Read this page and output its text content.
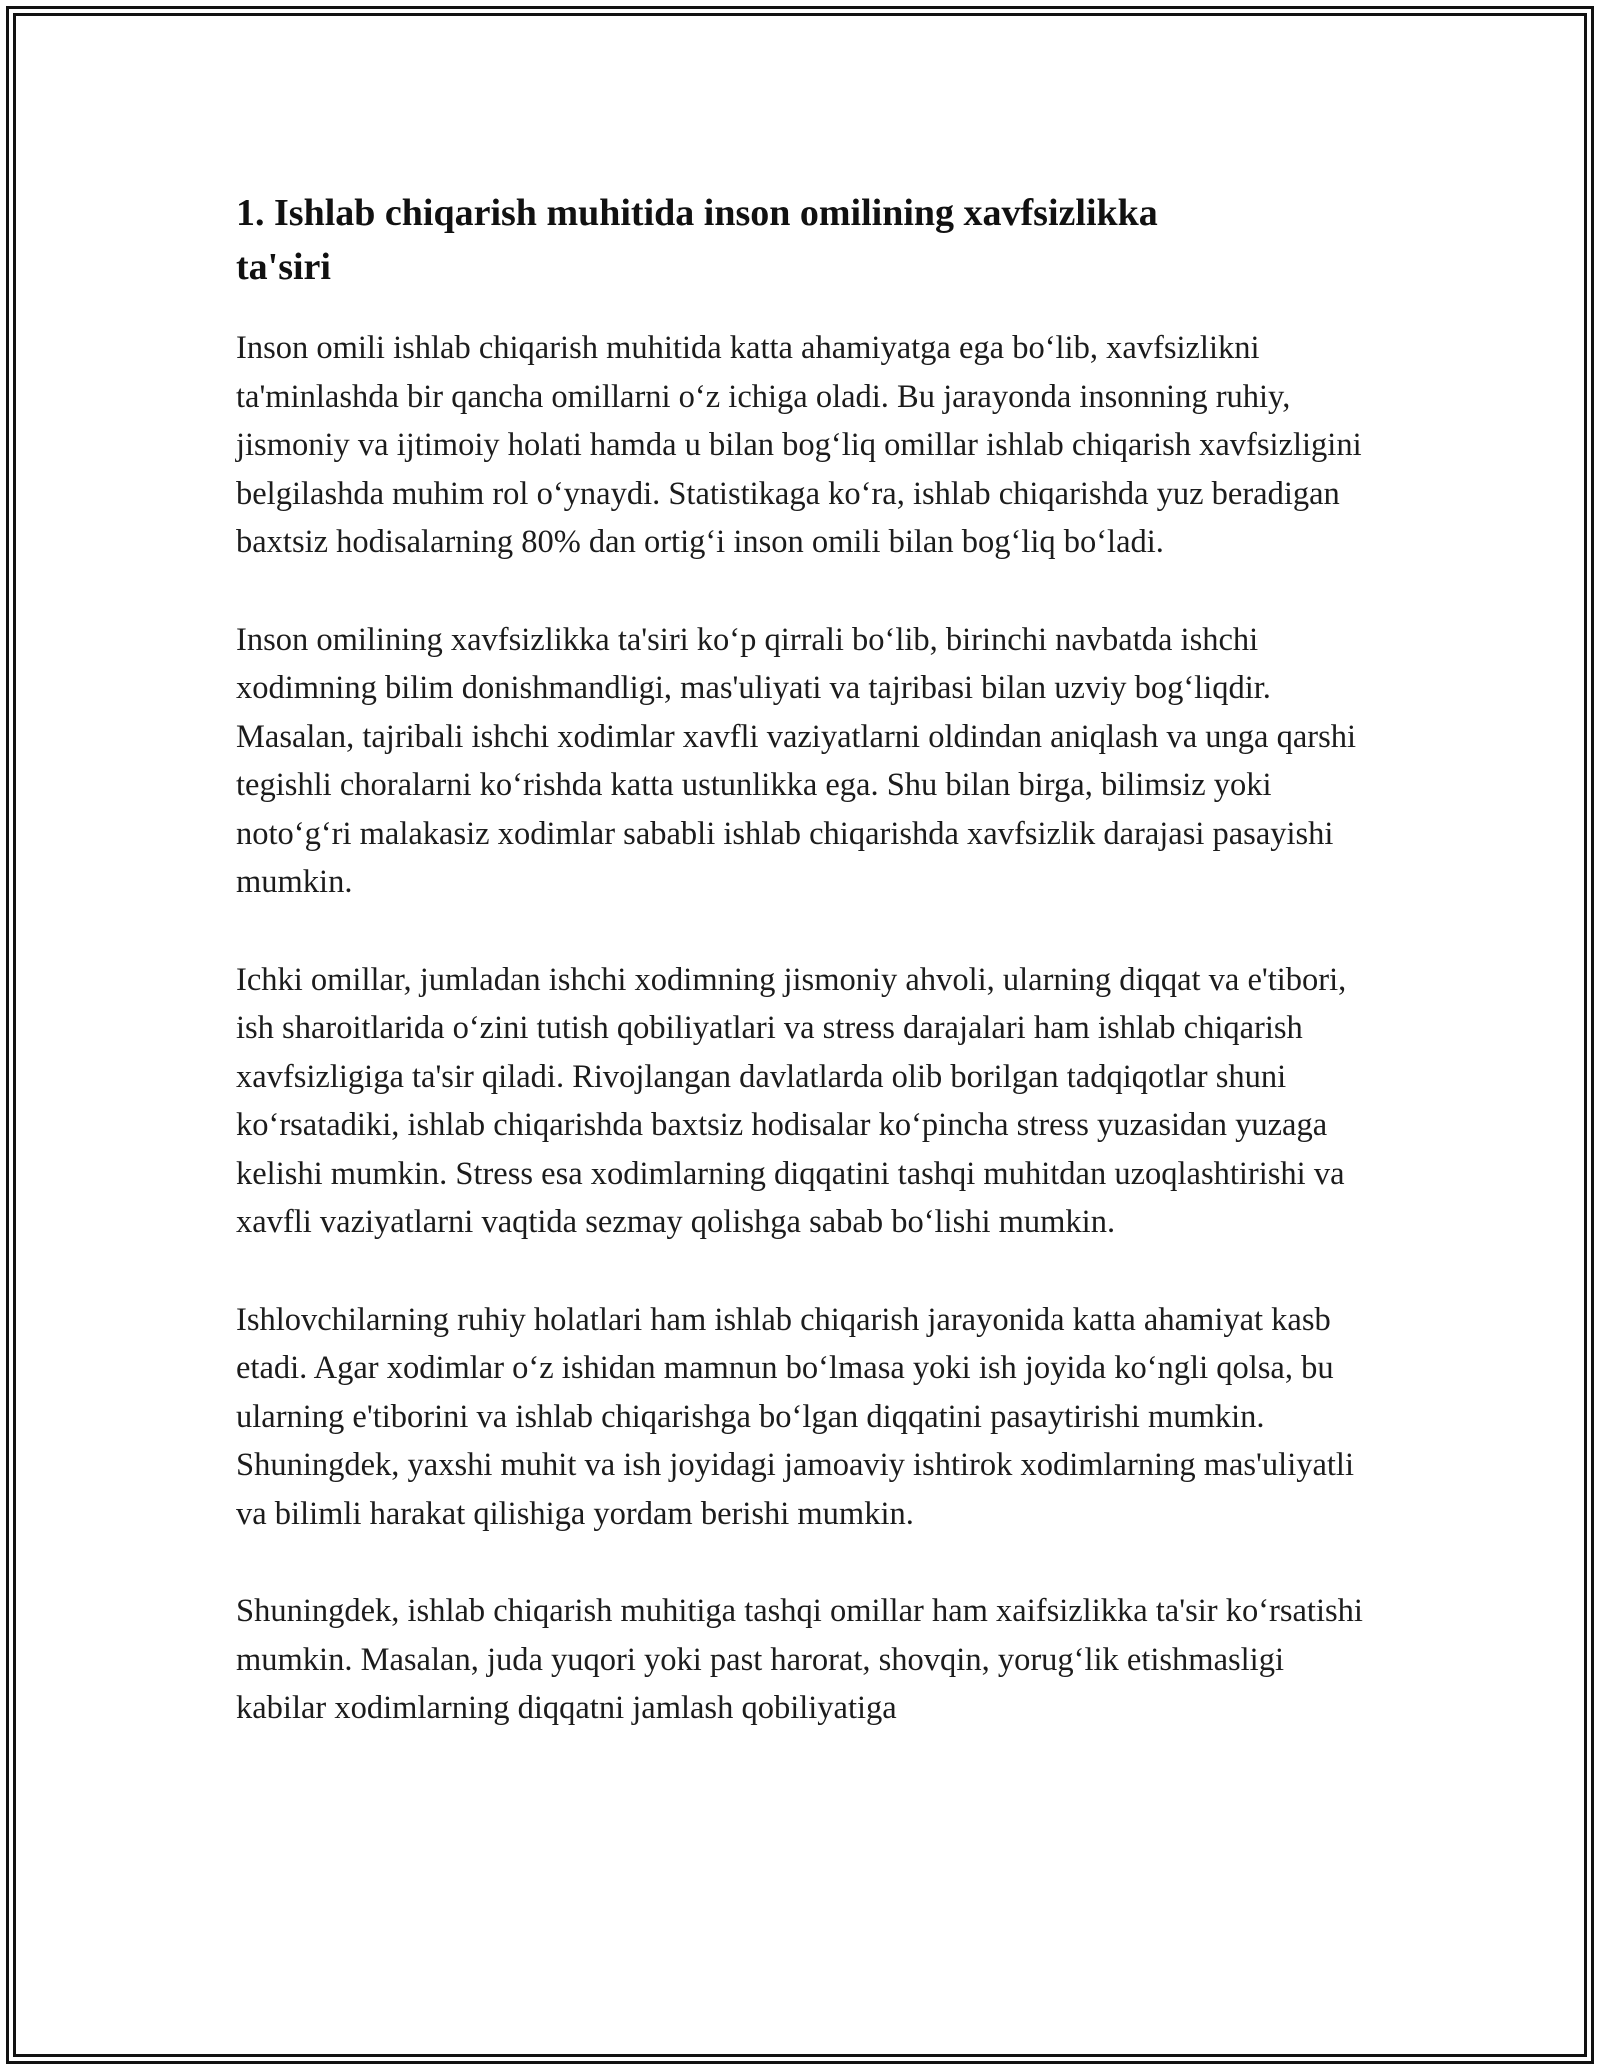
1. Ishlab chiqarish muhitida inson omilining xavfsizlikka
ta'siri

Inson omili ishlab chiqarish muhitida katta ahamiyatga ega bo‘lib, xavfsizlikni ta'minlashda bir qancha omillarni o‘z ichiga oladi. Bu jarayonda insonning ruhiy, jismoniy va ijtimoiy holati hamda u bilan bog‘liq omillar ishlab chiqarish xavfsizligini belgilashda muhim rol o‘ynaydi. Statistikaga ko‘ra, ishlab chiqarishda yuz beradigan baxtsiz hodisalarning 80% dan ortig‘i inson omili bilan bog‘liq bo‘ladi.

Inson omilining xavfsizlikka ta'siri ko‘p qirrali bo‘lib, birinchi navbatda ishchi xodimning bilim donishmandligi, mas'uliyati va tajribasi bilan uzviy bog‘liqdir. Masalan, tajribali ishchi xodimlar xavfli vaziyatlarni oldindan aniqlash va unga qarshi tegishli choralarni ko‘rishda katta ustunlikka ega. Shu bilan birga, bilimsiz yoki noto‘g‘ri malakasiz xodimlar sababli ishlab chiqarishda xavfsizlik darajasi pasayishi mumkin.

Ichki omillar, jumladan ishchi xodimning jismoniy ahvoli, ularning diqqat va e'tibori, ish sharoitlarida o‘zini tutish qobiliyatlari va stress darajalari ham ishlab chiqarish xavfsizligiga ta'sir qiladi. Rivojlangan davlatlarda olib borilgan tadqiqotlar shuni ko‘rsatadiki, ishlab chiqarishda baxtsiz hodisalar ko‘pincha stress yuzasidan yuzaga kelishi mumkin. Stress esa xodimlarning diqqatini tashqi muhitdan uzoqlashtirishi va xavfli vaziyatlarni vaqtida sezmay qolishga sabab bo‘lishi mumkin.

Ishlovchilarning ruhiy holatlari ham ishlab chiqarish jarayonida katta ahamiyat kasb etadi. Agar xodimlar o‘z ishidan mamnun bo‘lmasa yoki ish joyida ko‘ngli qolsa, bu ularning e'tiborini va ishlab chiqarishga bo‘lgan diqqatini pasaytirishi mumkin. Shuningdek, yaxshi muhit va ish joyidagi jamoaviy ishtirok xodimlarning mas'uliyatli va bilimli harakat qilishiga yordam berishi mumkin.

Shuningdek, ishlab chiqarish muhitiga tashqi omillar ham xaifsizlikka ta'sir ko‘rsatishi mumkin. Masalan, juda yuqori yoki past harorat, shovqin, yorug‘lik etishmasligi kabilar xodimlarning diqqatni jamlash qobiliyatiga
